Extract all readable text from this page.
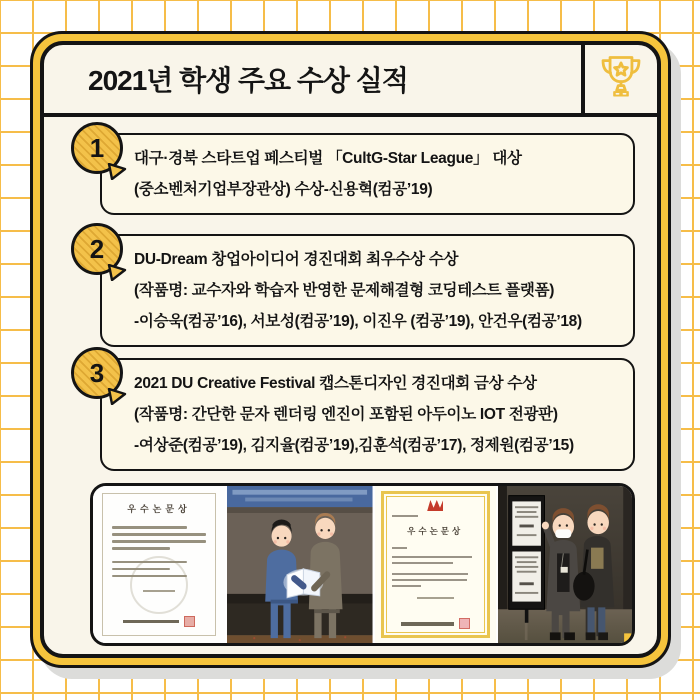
2021년 학생 주요 수상 실적
1	대구·경북 스타트업 페스티벌 「CultG-Star League」 대상
(중소벤처기업부장관상) 수상-신용혁(컴공’19)
2	DU-Dream 창업아이디어 경진대회 최우수상 수상
(작품명: 교수자와 학습자 반영한 문제해결형 코딩테스트 플랫폼)
-이승욱(컴공’16), 서보성(컴공’19), 이진우 (컴공’19), 안건우(컴공’18)
3	2021 DU Creative Festival 캡스톤디자인 경진대회 금상 수상
(작품명: 간단한 문자 렌더링 엔진이 포함된 아두이노 IOT 전광판)
-여상준(컴공’19), 김지율(컴공’19),김훈석(컴공’17), 정제원(컴공’15)
우수논문상
우수논문상
